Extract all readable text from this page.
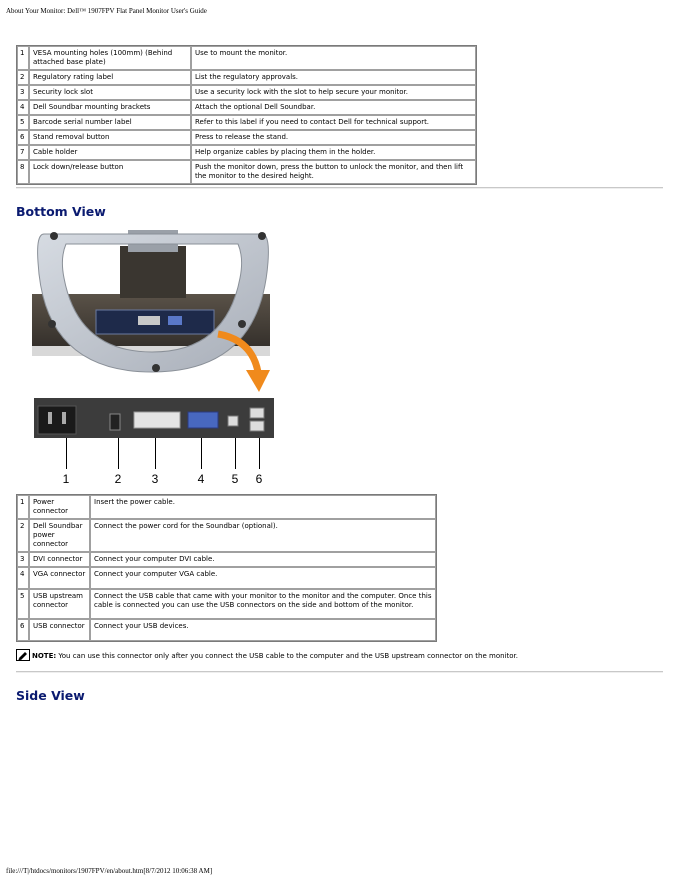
About Your Monitor: Dell™ 1907FPV Flat Panel Monitor User's Guide
1	VESA mounting holes (100mm) (Behind attached base plate)	Use to mount the monitor.
2	Regulatory rating label	List the regulatory approvals.
3	Security lock slot	Use a security lock with the slot to help secure your monitor.
4	Dell Soundbar mounting brackets	Attach the optional Dell Soundbar.
5	Barcode serial number label	Refer to this label if you need to contact Dell for technical support.
6	Stand removal button	Press to release the stand.
7	Cable holder	Help organize cables by placing them in the holder.
8	Lock down/release button	Push the monitor down, press the button to unlock the monitor, and then lift the monitor to the desired height.
Bottom View
1	2	3	4 5 6
1	Power connector	Insert the power cable.
2	Dell Soundbar power connector	Connect the power cord for the Soundbar (optional).
3	DVI connector	Connect your computer DVI cable.
4	VGA connector	Connect your computer VGA cable.
5	USB upstream connector	Connect the USB cable that came with your monitor to the monitor and the computer. Once this cable is connected you can use the USB connectors on the side and bottom of the monitor.
6	USB connector	Connect your USB devices.
NOTE: You can use this connector only after you connect the USB cable to the computer and the USB upstream connector on the monitor.
Side View
file:///T|/htdocs/monitors/1907FPV/en/about.htm[8/7/2012 10:06:38 AM]
